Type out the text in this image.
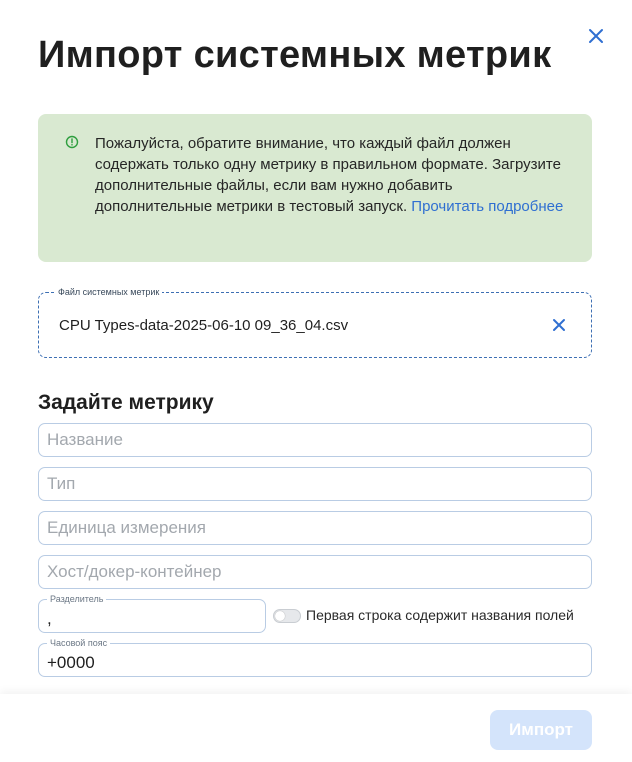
Импорт системных метрик
Пожалуйста, обратите внимание, что каждый файл должен содержать только одну метрику в правильном формате. Загрузите дополнительные файлы, если вам нужно добавить дополнительные метрики в тестовый запуск. Прочитать подробнее
Файл системных метрик
CPU Types-data-2025-06-10 09_36_04.csv
Задайте метрику
Название
Тип
Единица измерения
Хост/докер-контейнер
Разделитель
,
Первая строка содержит названия полей
Часовой пояс
+0000
Импорт
